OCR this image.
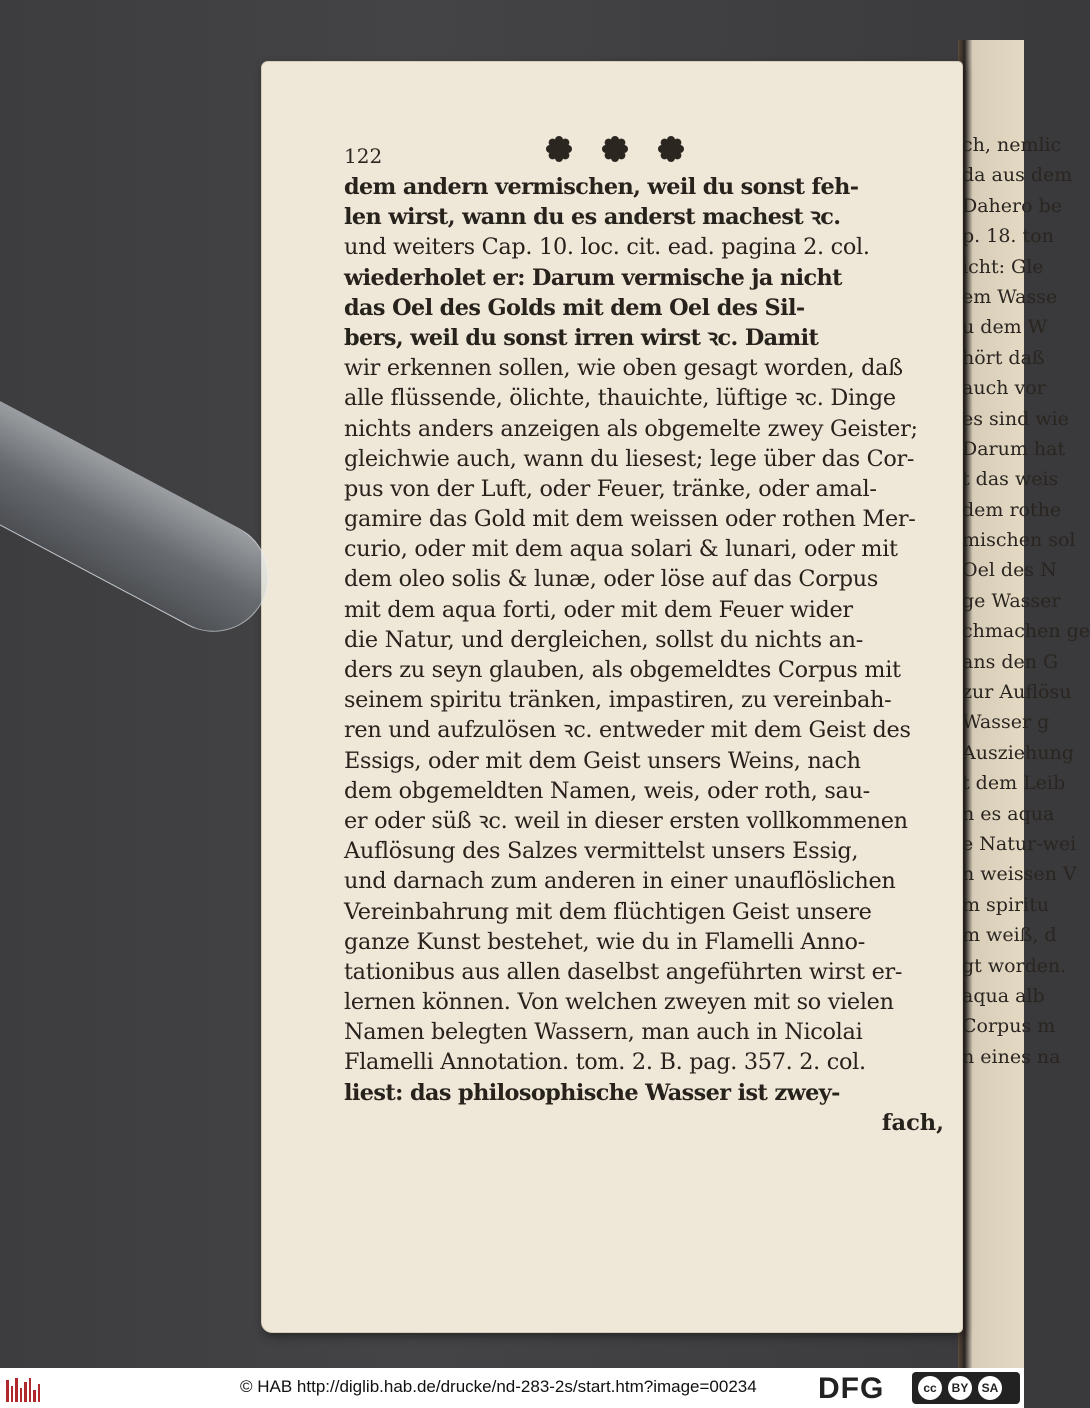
ch, nemlic
da aus dem
Dahero be
p. 18. ton
icht: Gle
em Wasse
u dem W
hört daß
auch vor
es sind wie
Darum hat
t das weis
dem rothe
mischen sol
Oel des N
ge Wasser
chmachen ge
ans den G
zur Auflösu
Wasser g
Ausziehung
t dem Leib
n es aqua
e Natur-wei
n weissen V
m spiritu
m weiß, d
gt worden.
aqua alb
Corpus m
n eines na
122
dem andern vermischen, weil du sonst feh-
len wirst, wann du es anderst machest ꝛc.
und weiters Cap. 10. loc. cit. ead. pagina 2. col.
wiederholet er: Darum vermische ja nicht
das Oel des Golds mit dem Oel des Sil-
bers, weil du sonst irren wirst ꝛc. Damit
wir erkennen sollen, wie oben gesagt worden, daß
alle flüssende, ölichte, thauichte, lüftige ꝛc. Dinge
nichts anders anzeigen als obgemelte zwey Geister;
gleichwie auch, wann du liesest; lege über das Cor-
pus von der Luft, oder Feuer, tränke, oder amal-
gamire das Gold mit dem weissen oder rothen Mer-
curio, oder mit dem aqua solari & lunari, oder mit
dem oleo solis & lunæ, oder löse auf das Corpus
mit dem aqua forti, oder mit dem Feuer wider
die Natur, und dergleichen, sollst du nichts an-
ders zu seyn glauben, als obgemeldtes Corpus mit
seinem spiritu tränken, impastiren, zu vereinbah-
ren und aufzulösen ꝛc. entweder mit dem Geist des
Essigs, oder mit dem Geist unsers Weins, nach
dem obgemeldten Namen, weis, oder roth, sau-
er oder süß ꝛc. weil in dieser ersten vollkommenen
Auflösung des Salzes vermittelst unsers Essig,
und darnach zum anderen in einer unauflöslichen
Vereinbahrung mit dem flüchtigen Geist unsere
ganze Kunst bestehet, wie du in Flamelli Anno-
tationibus aus allen daselbst angeführten wirst er-
lernen können. Von welchen zweyen mit so vielen
Namen belegten Wassern, man auch in Nicolai
Flamelli Annotation. tom. 2. B. pag. 357. 2. col.
liest: das philosophische Wasser ist zwey-
fach,
© HAB http://diglib.hab.de/drucke/nd-283-2s/start.htm?image=00234 DFG	cc	BY	SA
